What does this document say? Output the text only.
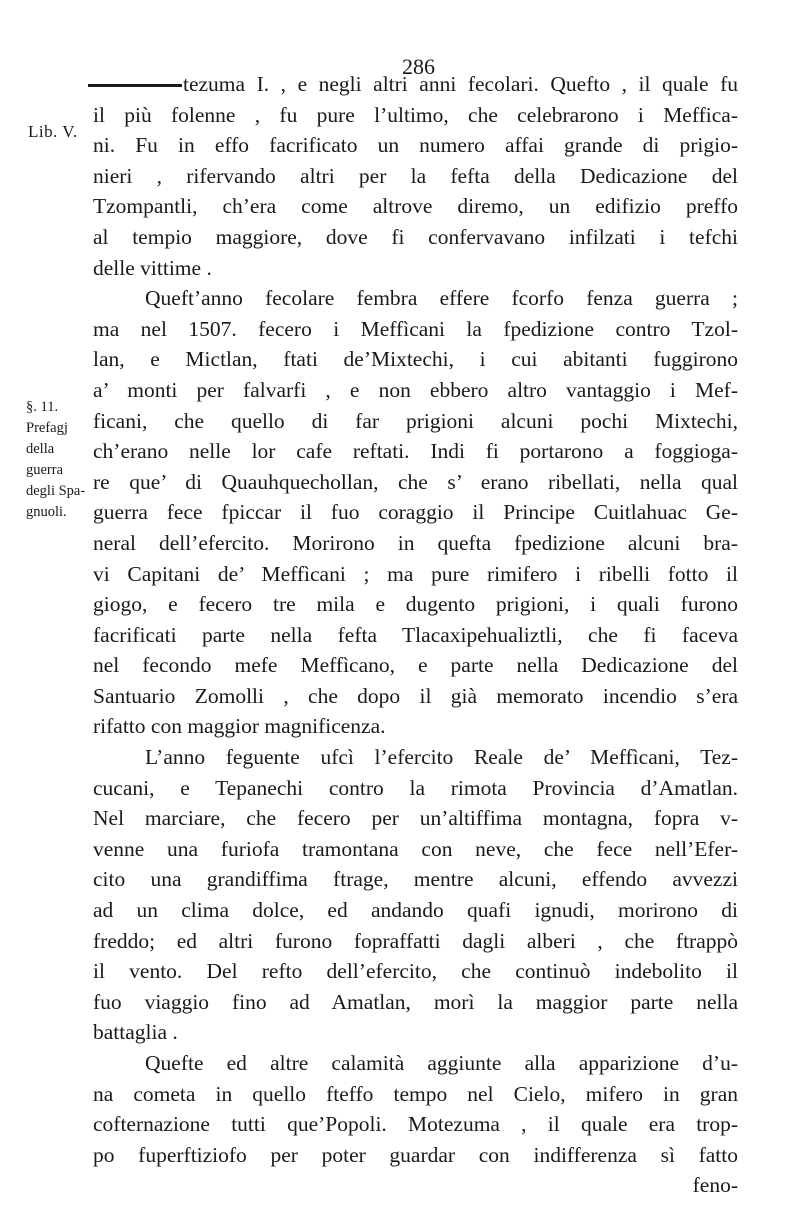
286
Lib. V.
§. 11.
Prefagj
della
guerra
degli Spa-
gnuoli.
tezuma I. , e negli altri anni fecolari. Quefto , il quale fu
il più folenne , fu pure l’ultimo, che celebrarono i Meffica-
ni. Fu in effo facrificato un numero affai grande di prigio-
nieri , rifervando altri per la fefta della Dedicazione del
Tzompantli, ch’era come altrove diremo, un edifizio preffo
al tempio maggiore, dove fi confervavano infilzati i tefchi
delle vittime .
Queft’anno fecolare fembra effere fcorfo fenza guerra ;
ma nel 1507. fecero i Meffìcani la fpedizione contro Tzol-
lan, e Mictlan, ftati de’Mixtechi, i cui abitanti fuggirono
a’ monti per falvarfi , e non ebbero altro vantaggio i Mef-
ficani, che quello di far prigioni alcuni pochi Mixtechi,
ch’erano nelle lor cafe reftati. Indi fi portarono a foggioga-
re que’ di Quauhquechollan, che s’ erano ribellati, nella qual
guerra fece fpiccar il fuo coraggio il Principe Cuitlahuac Ge-
neral dell’efercito. Morirono in quefta fpedizione alcuni bra-
vi Capitani de’ Meffìcani ; ma pure rimifero i ribelli fotto il
giogo, e fecero tre mila e dugento prigioni, i quali furono
facrificati parte nella fefta Tlacaxipehualiztli, che fi faceva
nel fecondo mefe Meffìcano, e parte nella Dedicazione del
Santuario Zomolli , che dopo il già memorato incendio s’era
rifatto con maggior magnificenza.
L’anno feguente ufcì l’efercito Reale de’ Meffìcani, Tez-
cucani, e Tepanechi contro la rimota Provincia d’Amatlan.
Nel marciare, che fecero per un’altiffima montagna, fopra v-
venne una furiofa tramontana con neve, che fece nell’Efer-
cito una grandiffima ftrage, mentre alcuni, effendo avvezzi
ad un clima dolce, ed andando quafi ignudi, morirono di
freddo; ed altri furono fopraffatti dagli alberi , che ftrappò
il vento. Del refto dell’efercito, che continuò indebolito il
fuo viaggio fino ad Amatlan, morì la maggior parte nella
battaglia .
Quefte ed altre calamità aggiunte alla apparizione d’u-
na cometa in quello fteffo tempo nel Cielo, mifero in gran
cofternazione tutti que’Popoli. Motezuma , il quale era trop-
po fuperftiziofo per poter guardar con indifferenza sì fatto
feno-
